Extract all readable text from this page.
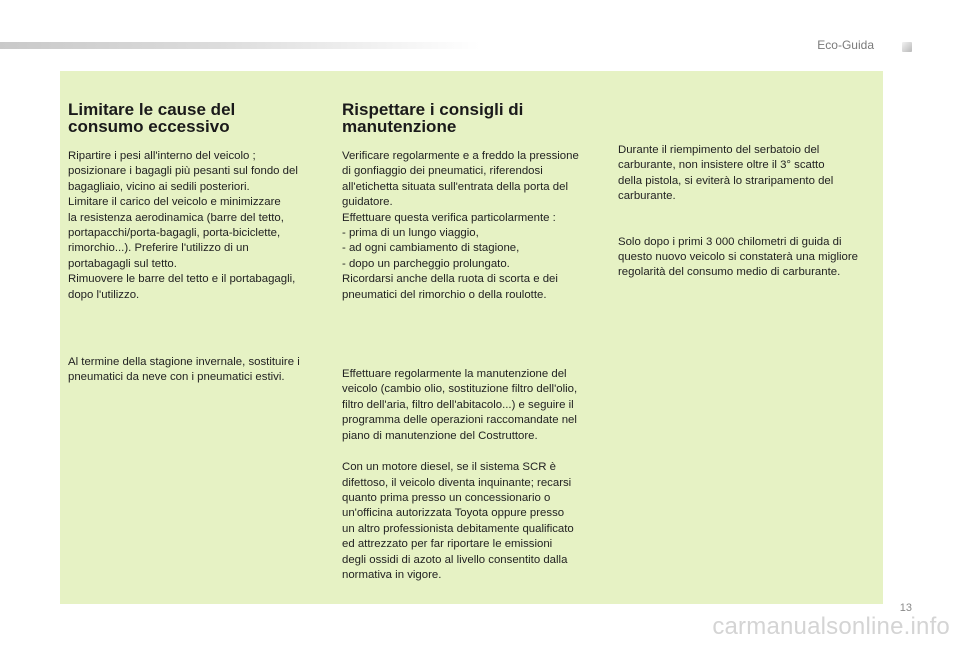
Eco-Guida
Limitare le cause del
consumo eccessivo

Ripartire i pesi all'interno del veicolo ;
posizionare i bagagli più pesanti sul fondo del
bagagliaio, vicino ai sedili posteriori.
Limitare il carico del veicolo e minimizzare
la resistenza aerodinamica (barre del tetto,
portapacchi/porta-bagagli, porta-biciclette,
rimorchio...). Preferire l'utilizzo di un
portabagagli sul tetto.
Rimuovere le barre del tetto e il portabagagli,
dopo l'utilizzo.

Al termine della stagione invernale, sostituire i
pneumatici da neve con i pneumatici estivi.

Rispettare i consigli di
manutenzione

Verificare regolarmente e a freddo la pressione
di gonfiaggio dei pneumatici, riferendosi
all'etichetta situata sull'entrata della porta del
guidatore.
Effettuare questa verifica particolarmente :
- prima di un lungo viaggio,
- ad ogni cambiamento di stagione,
- dopo un parcheggio prolungato.
Ricordarsi anche della ruota di scorta e dei
pneumatici del rimorchio o della roulotte.

Effettuare regolarmente la manutenzione del
veicolo (cambio olio, sostituzione filtro dell'olio,
filtro dell'aria, filtro dell'abitacolo...) e seguire il
programma delle operazioni raccomandate nel
piano di manutenzione del Costruttore.

Con un motore diesel, se il sistema SCR è
difettoso, il veicolo diventa inquinante; recarsi
quanto prima presso un concessionario o
un'officina autorizzata Toyota oppure presso
un altro professionista debitamente qualificato
ed attrezzato per far riportare le emissioni
degli ossidi di azoto al livello consentito dalla
normativa in vigore.

Durante il riempimento del serbatoio del
carburante, non insistere oltre il 3° scatto
della pistola, si eviterà lo straripamento del
carburante.

Solo dopo i primi 3 000 chilometri di guida di
questo nuovo veicolo si constaterà una migliore
regolarità del consumo medio di carburante.

13
carmanualsonline.info
